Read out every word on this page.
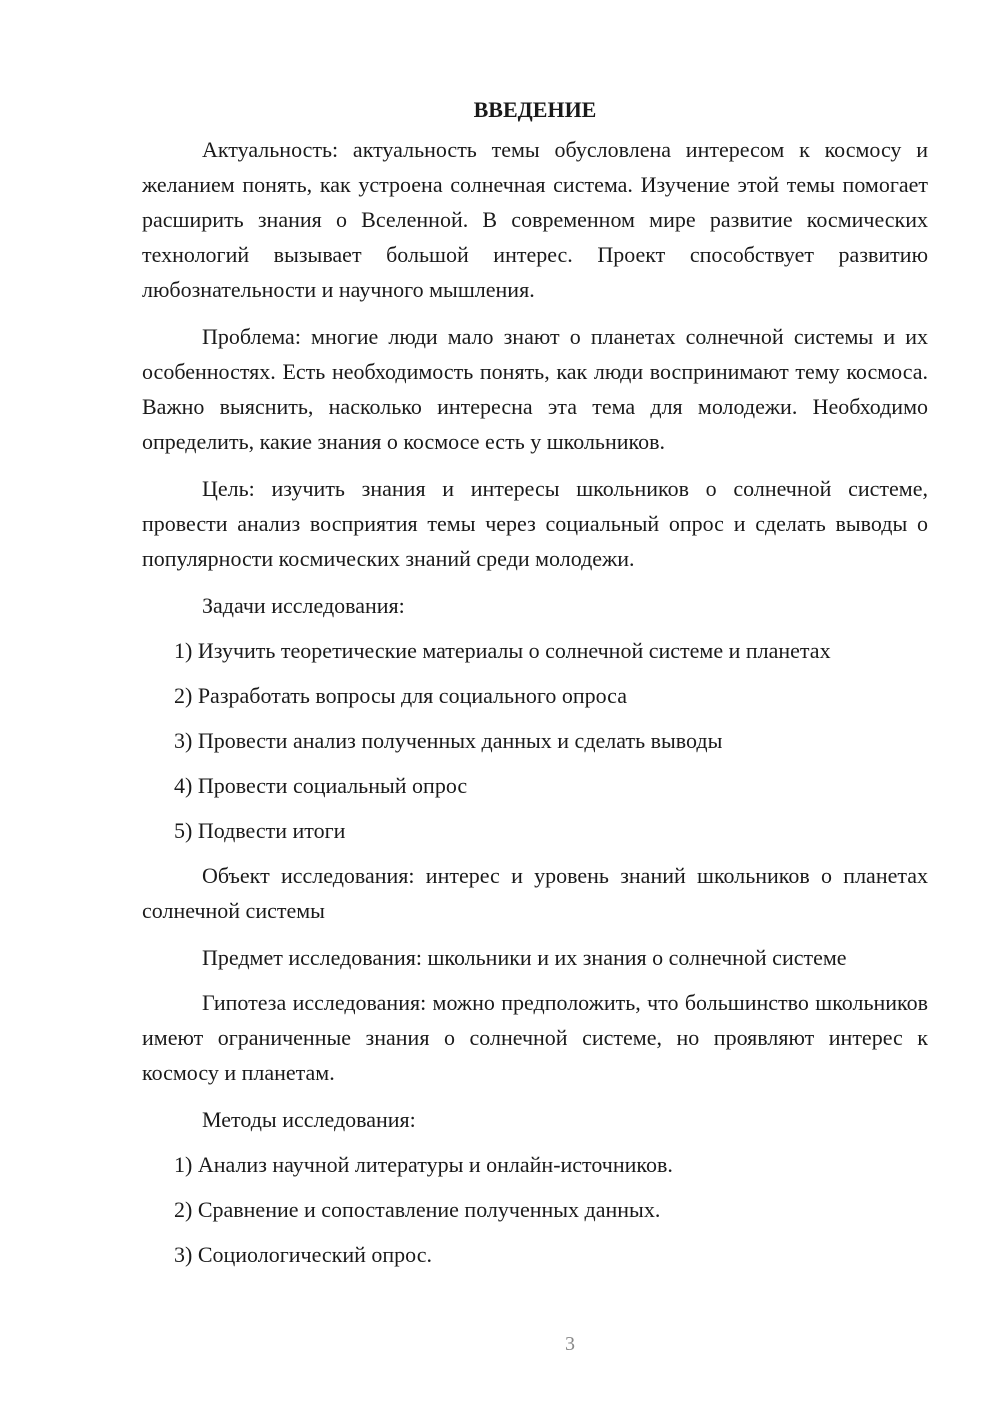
ВВЕДЕНИЕ

Актуальность: актуальность темы обусловлена интересом к космосу и желанием понять, как устроена солнечная система. Изучение этой темы помогает расширить знания о Вселенной. В современном мире развитие космических технологий вызывает большой интерес. Проект способствует развитию любознательности и научного мышления.

Проблема: многие люди мало знают о планетах солнечной системы и их особенностях. Есть необходимость понять, как люди воспринимают тему космоса. Важно выяснить, насколько интересна эта тема для молодежи. Необходимо определить, какие знания о космосе есть у школьников.

Цель: изучить знания и интересы школьников о солнечной системе, провести анализ восприятия темы через социальный опрос и сделать выводы о популярности космических знаний среди молодежи.

Задачи исследования:

1) Изучить теоретические материалы о солнечной системе и планетах

2) Разработать вопросы для социального опроса

3) Провести анализ полученных данных и сделать выводы

4) Провести социальный опрос

5) Подвести итоги

Объект исследования: интерес и уровень знаний школьников о планетах солнечной системы

Предмет исследования: школьники и их знания о солнечной системе

Гипотеза исследования: можно предположить, что большинство школьников имеют ограниченные знания о солнечной системе, но проявляют интерес к космосу и планетам.

Методы исследования:

1) Анализ научной литературы и онлайн-источников.

2) Сравнение и сопоставление полученных данных.

3) Социологический опрос.

3
